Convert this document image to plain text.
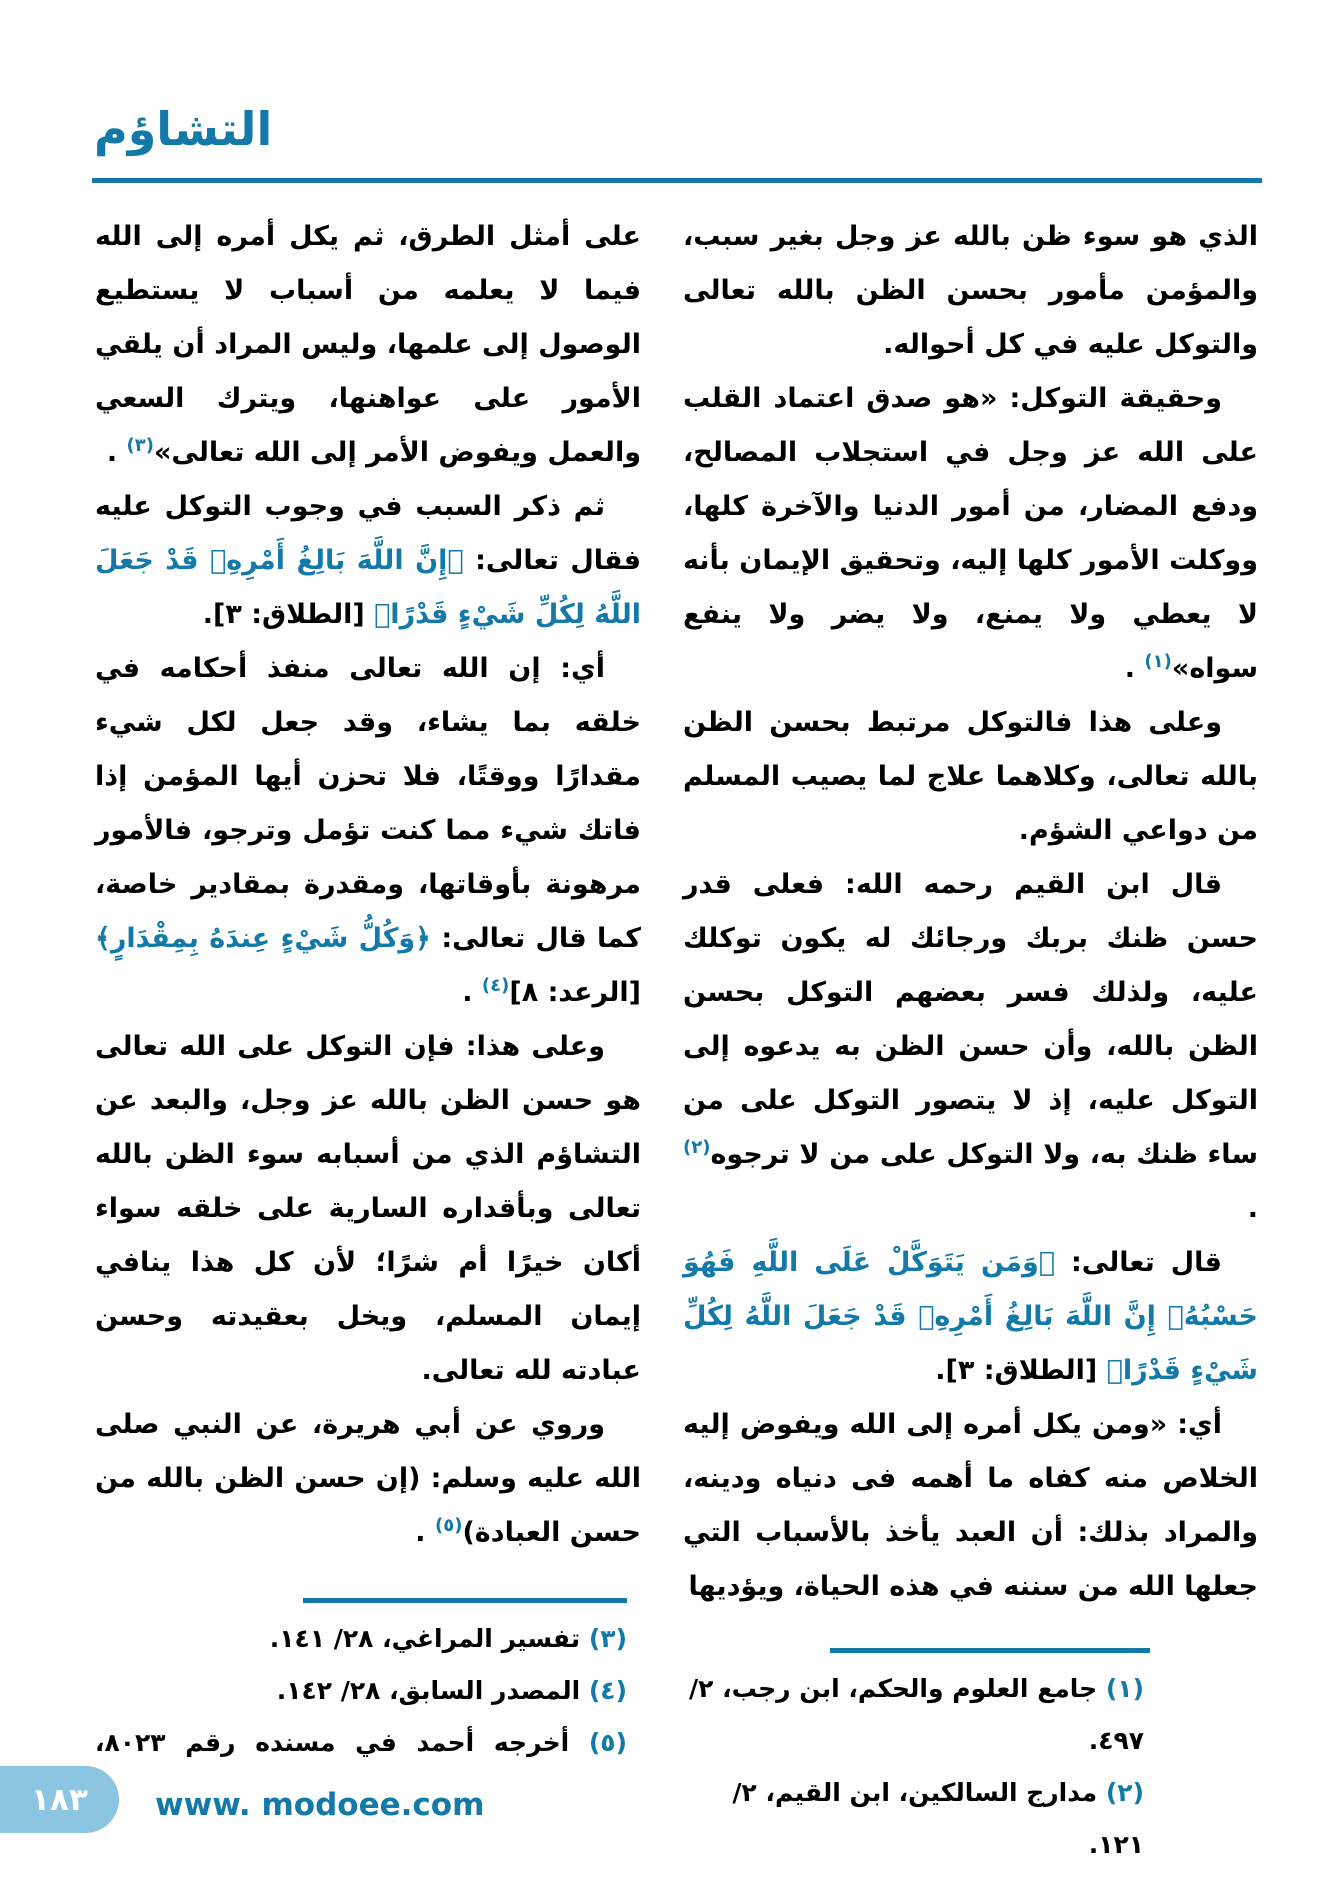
التشاؤم

الذي هو سوء ظن بالله عز وجل بغير سبب، والمؤمن مأمور بحسن الظن بالله تعالى والتوكل عليه في كل أحواله.

وحقيقة التوكل: «هو صدق اعتماد القلب على الله عز وجل في استجلاب المصالح، ودفع المضار، من أمور الدنيا والآخرة كلها، ووكلت الأمور كلها إليه، وتحقيق الإيمان بأنه لا يعطي ولا يمنع، ولا يضر ولا ينفع سواه»$^{(١)}$ .

وعلى هذا فالتوكل مرتبط بحسن الظن بالله تعالى، وكلاهما علاج لما يصيب المسلم من دواعي الشؤم.

قال ابن القيم رحمه الله: فعلى قدر حسن ظنك بربك ورجائك له يكون توكلك عليه، ولذلك فسر بعضهم التوكل بحسن الظن بالله، وأن حسن الظن به يدعوه إلى التوكل عليه، إذ لا يتصور التوكل على من ساء ظنك به، ولا التوكل على من لا ترجوه$^{(٢)}$ .

قال تعالى: ﴿وَمَن يَتَوَكَّلْ عَلَى اللَّهِ فَهُوَ حَسْبُهُۚ إِنَّ اللَّهَ بَالِغُ أَمْرِهِۚ قَدْ جَعَلَ اللَّهُ لِكُلِّ شَيْءٍ قَدْرًا﴾ [الطلاق: ٣].

أي: «ومن يكل أمره إلى الله ويفوض إليه الخلاص منه كفاه ما أهمه فى دنياه ودينه، والمراد بذلك: أن العبد يأخذ بالأسباب التي جعلها الله من سننه في هذه الحياة، ويؤديها

على أمثل الطرق، ثم يكل أمره إلى الله فيما لا يعلمه من أسباب لا يستطيع الوصول إلى علمها، وليس المراد أن يلقي الأمور على عواهنها، ويترك السعي والعمل ويفوض الأمر إلى الله تعالى»$^{(٣)}$ .

ثم ذكر السبب في وجوب التوكل عليه فقال تعالى: ﴿إِنَّ اللَّهَ بَالِغُ أَمْرِهِۚ قَدْ جَعَلَ اللَّهُ لِكُلِّ شَيْءٍ قَدْرًا﴾ [الطلاق: ٣].

أي: إن الله تعالى منفذ أحكامه في خلقه بما يشاء، وقد جعل لكل شيء مقدارًا ووقتًا، فلا تحزن أيها المؤمن إذا فاتك شيء مما كنت تؤمل وترجو، فالأمور مرهونة بأوقاتها، ومقدرة بمقادير خاصة، كما قال تعالى: ﴿وَكُلُّ شَيْءٍ عِندَهُ بِمِقْدَارٍ﴾ [الرعد: ٨]$^{(٤)}$ .

وعلى هذا: فإن التوكل على الله تعالى هو حسن الظن بالله عز وجل، والبعد عن التشاؤم الذي من أسبابه سوء الظن بالله تعالى وبأقداره السارية على خلقه سواء أكان خيرًا أم شرًا؛ لأن كل هذا ينافي إيمان المسلم، ويخل بعقيدته وحسن عبادته لله تعالى.

وروي عن أبي هريرة، عن النبي صلى الله عليه وسلم: (إن حسن الظن بالله من حسن العبادة)$^{(٥)}$ .

(١) جامع العلوم والحكم، ابن رجب، ٢/ ٤٩٧.
(٢) مدارج السالكين، ابن القيم، ٢/ ١٢١.
(٣) تفسير المراغي، ٢٨/ ١٤١.
(٤) المصدر السابق، ٢٨/ ١٤٢.
(٥) أخرجه أحمد في مسنده رقم ٨٠٢٣،
١٨٣ www. modoee.com
